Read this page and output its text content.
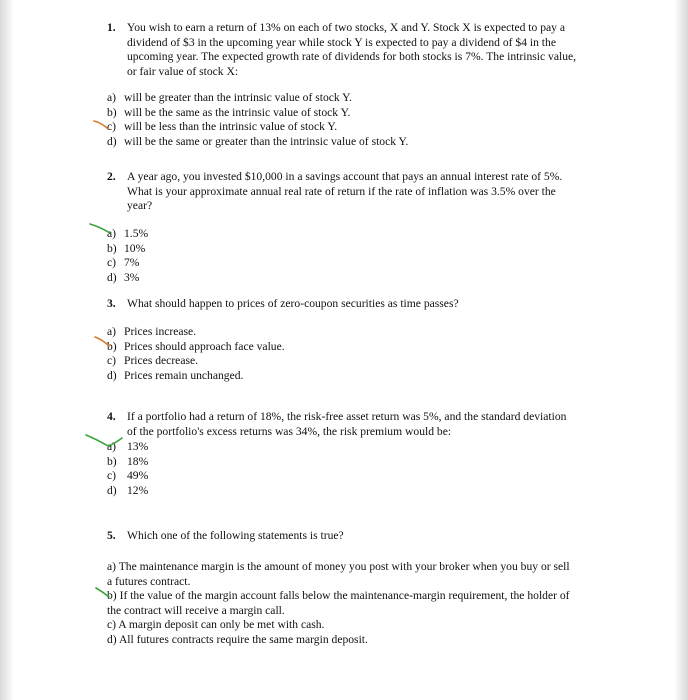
1. You wish to earn a return of 13% on each of two stocks, X and Y. Stock X is expected to pay a
dividend of $3 in the upcoming year while stock Y is expected to pay a dividend of $4 in the
upcoming year. The expected growth rate of dividends for both stocks is 7%. The intrinsic value,
or fair value of stock X:
a) will be greater than the intrinsic value of stock Y.
b) will be the same as the intrinsic value of stock Y.
c) will be less than the intrinsic value of stock Y.
d) will be the same or greater than the intrinsic value of stock Y.
2. A year ago, you invested $10,000 in a savings account that pays an annual interest rate of 5%.
What is your approximate annual real rate of return if the rate of inflation was 3.5% over the
year?
a) 1.5%
b) 10%
c) 7%
d) 3%
3. What should happen to prices of zero-coupon securities as time passes?
a) Prices increase.
b) Prices should approach face value.
c) Prices decrease.
d) Prices remain unchanged.
4. If a portfolio had a return of 18%, the risk-free asset return was 5%, and the standard deviation
of the portfolio's excess returns was 34%, the risk premium would be:
a) 13%
b) 18%
c) 49%
d) 12%
5. Which one of the following statements is true?
a) The maintenance margin is the amount of money you post with your broker when you buy or sell
a futures contract.
b) If the value of the margin account falls below the maintenance-margin requirement, the holder of
the contract will receive a margin call.
c) A margin deposit can only be met with cash.
d) All futures contracts require the same margin deposit.
